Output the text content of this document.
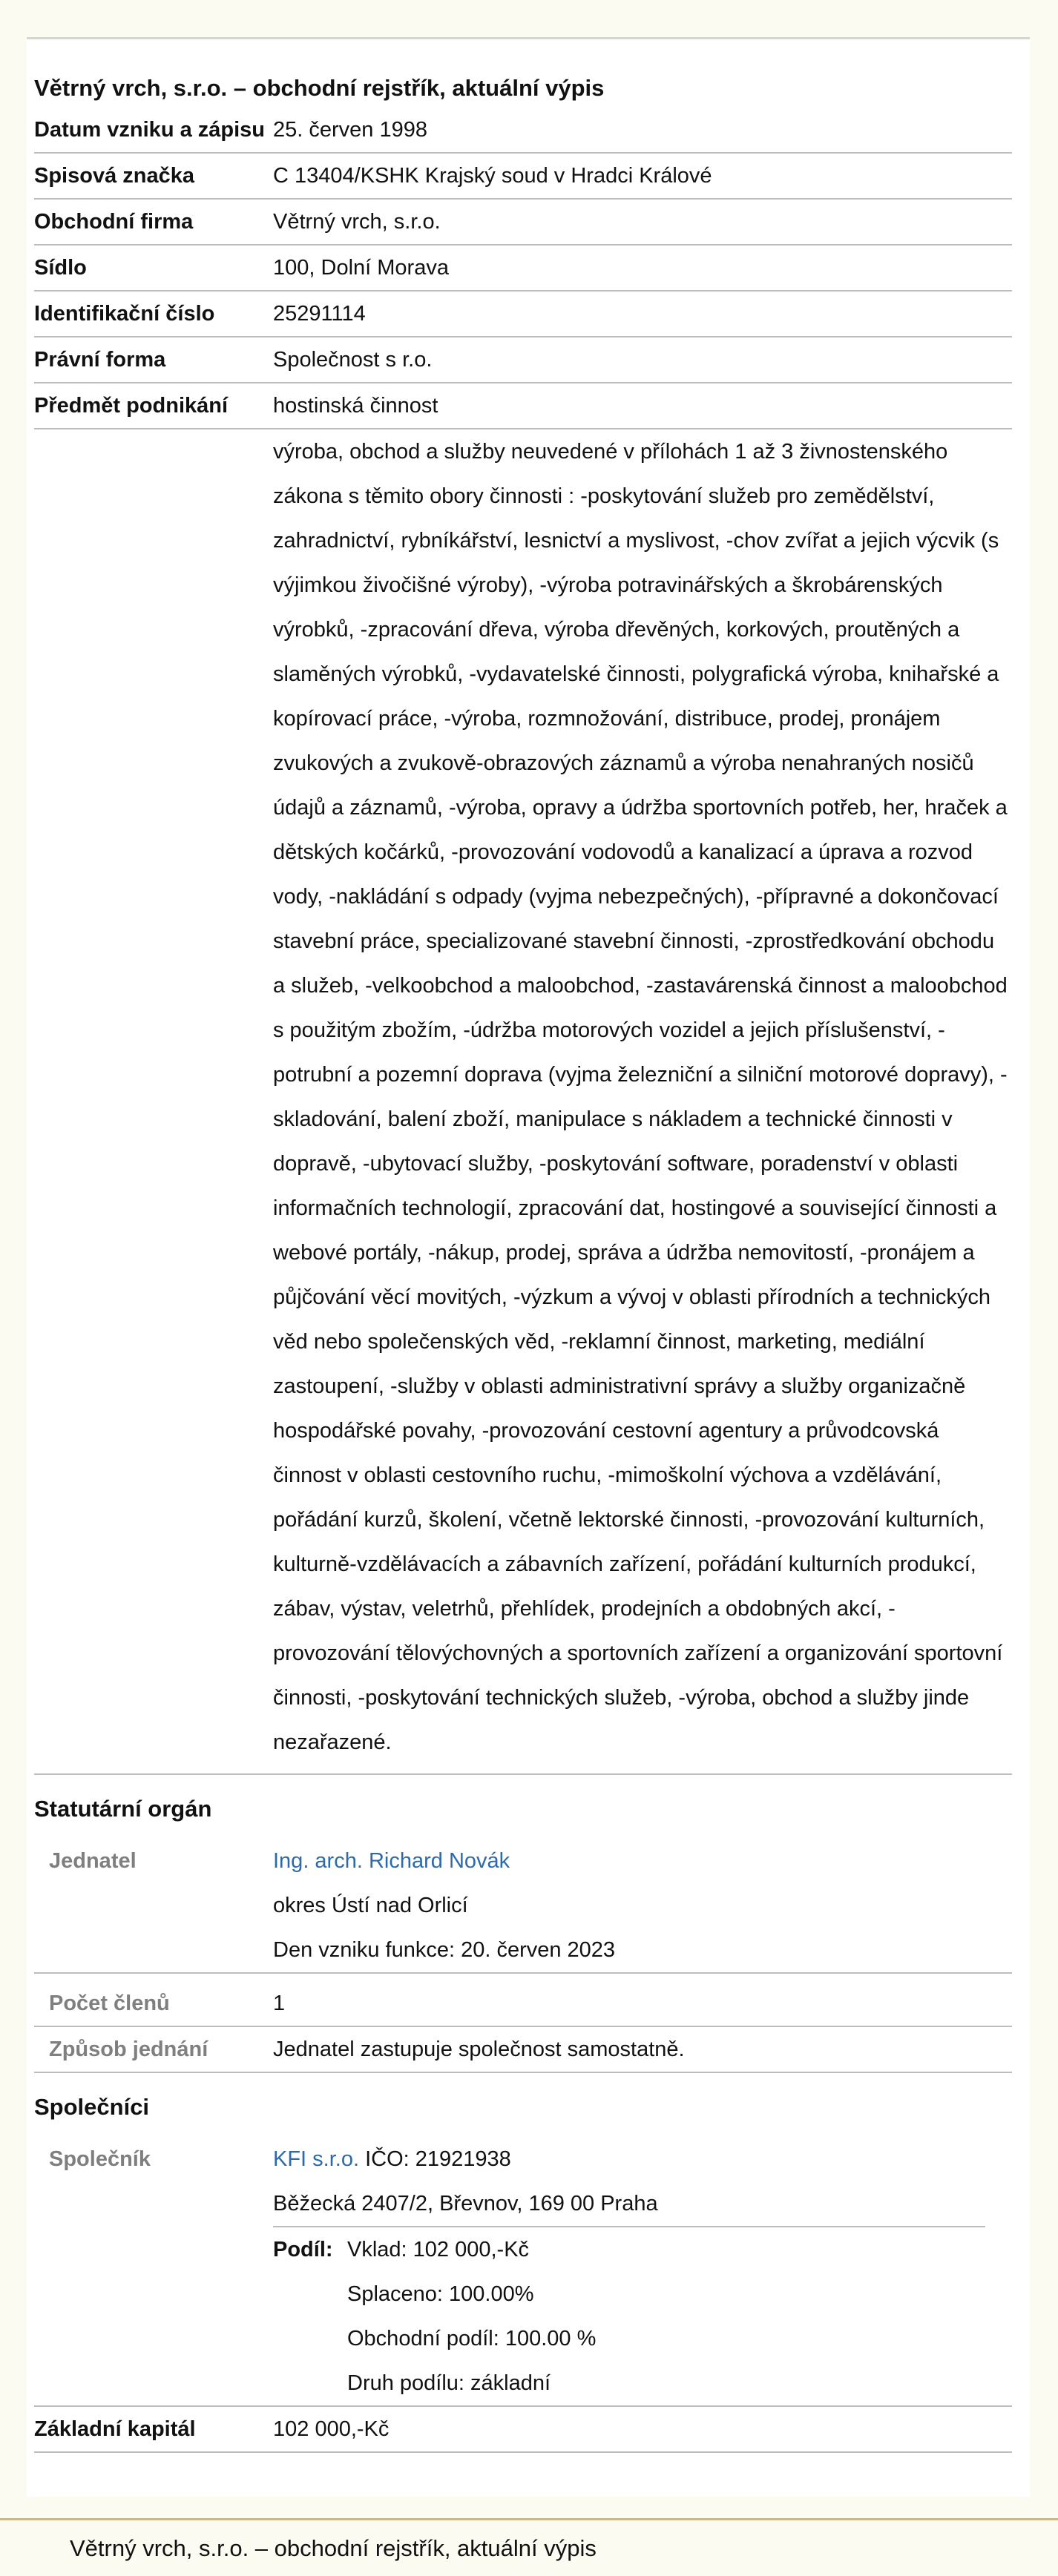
Větrný vrch, s.r.o. – obchodní rejstřík, aktuální výpis
Datum vzniku a zápisu 25. červen 1998
Spisová značka	C 13404/KSHK Krajský soud v Hradci Králové
Obchodní firma	Větrný vrch, s.r.o.
Sídlo	100, Dolní Morava
Identifikační číslo	25291114
Právní forma	Společnost s r.o.
Předmět podnikání	hostinská činnost
výroba, obchod a služby neuvedené v přílohách 1 až 3 živnostenského zákona s těmito obory činnosti : -poskytování služeb pro zemědělství, zahradnictví, rybníkářství, lesnictví a myslivost, -chov zvířat a jejich výcvik (s výjimkou živočišné výroby), -výroba potravinářských a škrobárenských výrobků, -zpracování dřeva, výroba dřevěných, korkových, proutěných a slaměných výrobků, -vydavatelské činnosti, polygrafická výroba, knihařské a kopírovací práce, -výroba, rozmnožování, distribuce, prodej, pronájem zvukových a zvukově-obrazových záznamů a výroba nenahraných nosičů údajů a záznamů, -výroba, opravy a údržba sportovních potřeb, her, hraček a dětských kočárků, -provozování vodovodů a kanalizací a úprava a rozvod vody, -nakládání s odpady (vyjma nebezpečných), -přípravné a dokončovací stavební práce, specializované stavební činnosti, -zprostředkování obchodu a služeb, -velkoobchod a maloobchod, -zastavárenská činnost a maloobchod s použitým zbožím, -údržba motorových vozidel a jejich příslušenství, -potrubní a pozemní doprava (vyjma železniční a silniční motorové dopravy), -skladování, balení zboží, manipulace s nákladem a technické činnosti v dopravě, -ubytovací služby, -poskytování software, poradenství v oblasti informačních technologií, zpracování dat, hostingové a související činnosti a webové portály, -nákup, prodej, správa a údržba nemovitostí, -pronájem a půjčování věcí movitých, -výzkum a vývoj v oblasti přírodních a technických věd nebo společenských věd, -reklamní činnost, marketing, mediální zastoupení, -služby v oblasti administrativní správy a služby organizačně hospodářské povahy, -provozování cestovní agentury a průvodcovská činnost v oblasti cestovního ruchu, -mimoškolní výchova a vzdělávání, pořádání kurzů, školení, včetně lektorské činnosti, -provozování kulturních, kulturně-vzdělávacích a zábavních zařízení, pořádání kulturních produkcí, zábav, výstav, veletrhů, přehlídek, prodejních a obdobných akcí, -provozování tělovýchovných a sportovních zařízení a organizování sportovní činnosti, -poskytování technických služeb, -výroba, obchod a služby jinde nezařazené.
Statutární orgán
Jednatel	Ing. arch. Richard Novák
okres Ústí nad Orlicí
Den vzniku funkce: 20. červen 2023
Počet členů	1
Způsob jednání	Jednatel zastupuje společnost samostatně.
Společníci
Společník	KFI s.r.o. IČO: 21921938
Běžecká 2407/2, Břevnov, 169 00 Praha
Podíl: Vklad: 102 000,-Kč
Splaceno: 100.00%
Obchodní podíl: 100.00 %
Druh podílu: základní
Základní kapitál	102 000,-Kč
Větrný vrch, s.r.o. – obchodní rejstřík, aktuální výpis
